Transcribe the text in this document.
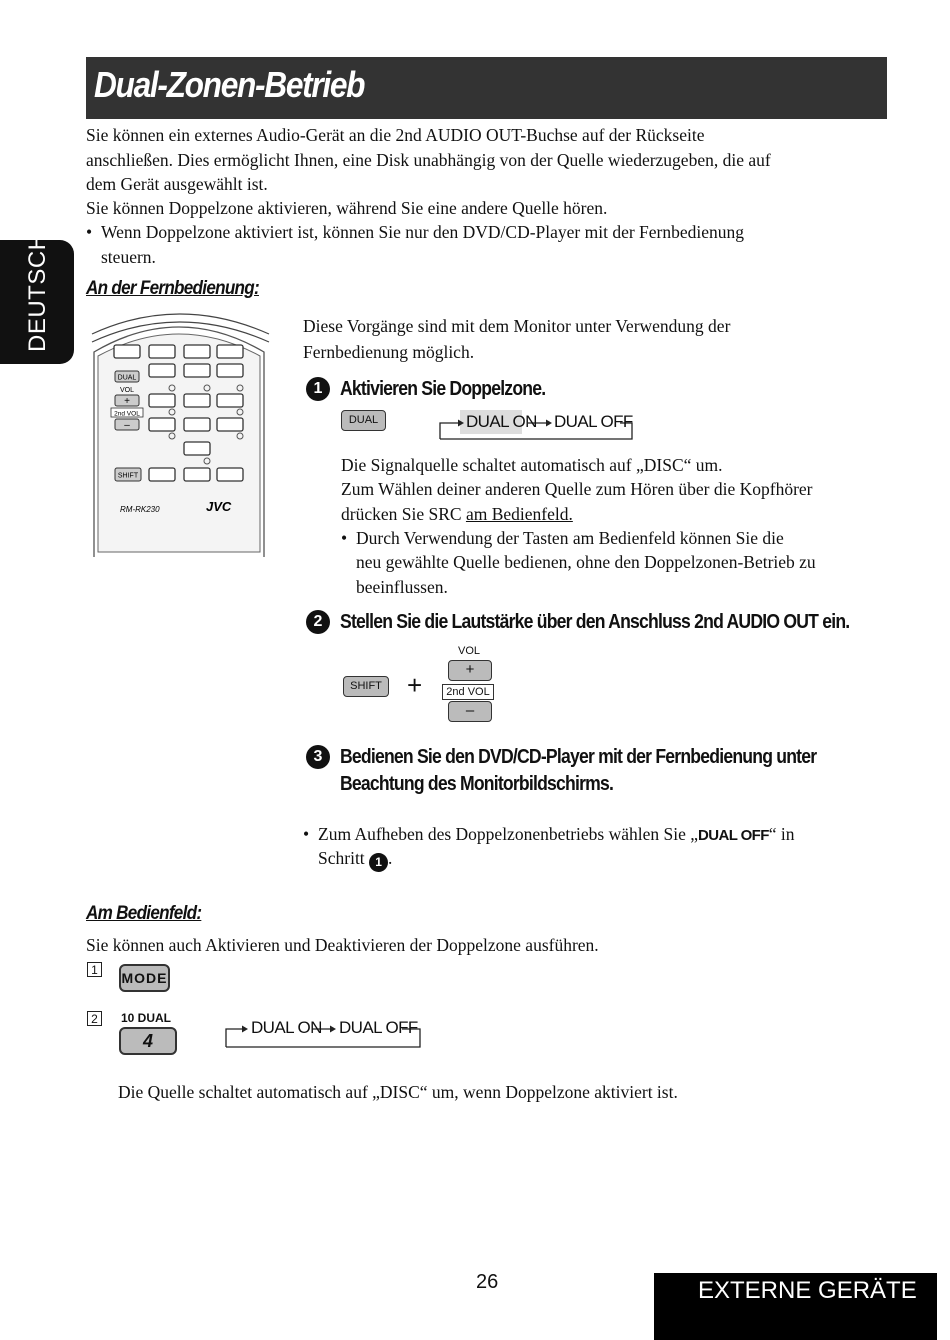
Dual-Zonen-Betrieb
DEUTSCH
Sie können ein externes Audio-Gerät an die 2nd AUDIO OUT-Buchse auf der Rückseite
anschließen. Dies ermöglicht Ihnen, eine Disk unabhängig von der Quelle wiederzugeben, die auf
dem Gerät ausgewählt ist.
Sie können Doppelzone aktivieren, während Sie eine andere Quelle hören.
• Wenn Doppelzone aktiviert ist, können Sie nur den DVD/CD-Player mit der Fernbedienung
steuern.
An der Fernbedienung:
DUAL
VOL
+
2nd VOL
–
SHIFT
RM-RK230	JVC
Diese Vorgänge sind mit dem Monitor unter Verwendung der
Fernbedienung möglich.
1 Aktivieren Sie Doppelzone.
DUAL	DUAL ON DUAL OFF
Die Signalquelle schaltet automatisch auf „DISC“ um.
Zum Wählen deiner anderen Quelle zum Hören über die Kopfhörer
drücken Sie SRC am Bedienfeld.
• Durch Verwendung der Tasten am Bedienfeld können Sie die
neu gewählte Quelle bedienen, ohne den Doppelzonen-Betrieb zu
beeinflussen.
2 Stellen Sie die Lautstärke über den Anschluss 2nd AUDIO OUT ein.
SHIFT +
VOL
+
2nd VOL
–
3 Bedienen Sie den DVD/CD-Player mit der Fernbedienung unter
Beachtung des Monitorbildschirms.
• Zum Aufheben des Doppelzonenbetriebs wählen Sie „DUAL OFF“ in
Schritt 1 .
Am Bedienfeld:
Sie können auch Aktivieren und Deaktivieren der Doppelzone ausführen.
1 MODE
2	10 DUAL
4
DUAL ON DUAL OFF
Die Quelle schaltet automatisch auf „DISC“ um, wenn Doppelzone aktiviert ist.
26	EXTERNE GERÄTE
